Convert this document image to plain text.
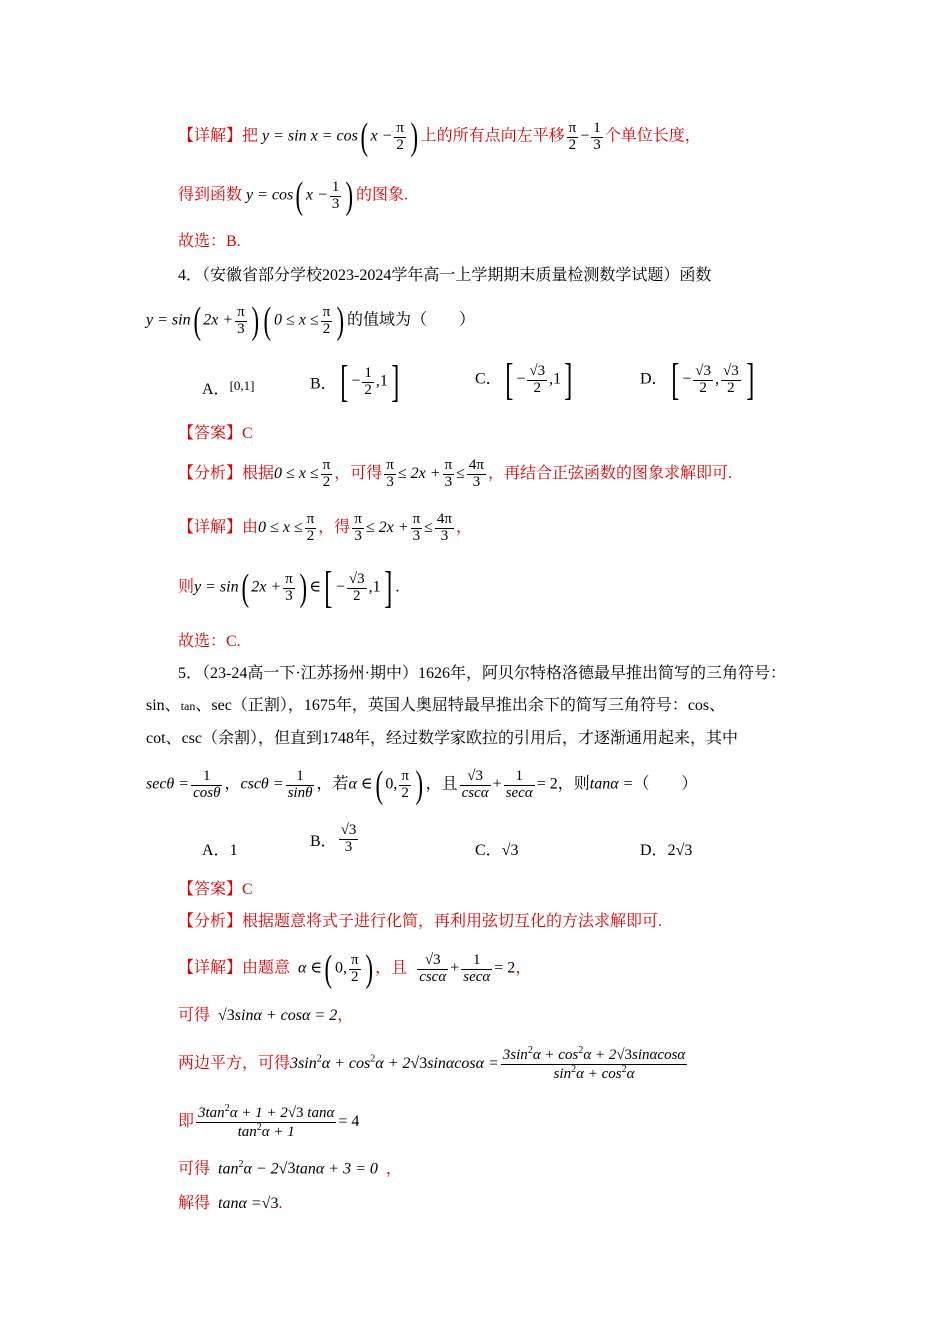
【详解】把 y = sin x = cos( $x - \frac{\pi}{2}$ ) 上的所有点向左平移 $\frac{\pi}{2} - \frac{1}{3}$ 个单位长度，
得到函数 y = cos( $x - \frac{1}{3}$ ) 的图象.
故选：B.
4．（安徽省部分学校2023-2024学年高一上学期期末质量检测数学试题）函数
y = sin( $2x + \frac{\pi}{3}$ ) ( $0 \le x \le \frac{\pi}{2}$ ) 的值域为（　　）
A．[0,1]	B．[ − $\frac{1}{2} ,1$]	C．[ − $\frac{√3}{2} ,1$]	D．[ − $\frac{√3}{2}$ , $\frac{√3}{2}$ ]
【答案】C
【分析】根据$0 \le x \le \frac{\pi}{2}$ ，可得 $\frac{\pi}{3} \le 2x + \frac{\pi}{3} \le \frac{4\pi}{3}$ ，再结合正弦函数的图象求解即可.
【详解】由$0 \le x \le \frac{\pi}{2}$ ，得 $\frac{\pi}{3} \le 2x + \frac{\pi}{3} \le \frac{4\pi}{3}$ ，
则y = sin( $2x + \frac{\pi}{3}$ ) ∈[ − $\frac{√3}{2} ,1$] .
故选：C.
5．（23-24高一下·江苏扬州·期中）1626年，阿贝尔特格洛德最早推出简写的三角符号：
sin、tan、sec（正割），1675年，英国人奥屈特最早推出余下的简写三角符号：cos、
cot、csc（余割），但直到1748年，经过数学家欧拉的引用后，才逐渐通用起来，其中
$\sec\theta = \frac{1}{\cos\theta}$ ，$\csc\theta = \frac{1}{\sin\theta}$ ，若α ∈( 0, $\frac{\pi}{2}$ ) ，且 $\frac{√3}{\csc\alpha} + \frac{1}{\sec\alpha} = 2$，则tanα =（　　）
A．1
B． $\frac{√3}{3}$	C．√3	D．2√3
【答案】C
【分析】根据题意将式子进行化简，再利用弦切互化的方法求解即可.
【详解】由题意 α ∈( 0, $\frac{\pi}{2}$ ) ，且 $\frac{√3}{\csc\alpha} + \frac{1}{\sec\alpha} = 2$，
可得 √3sinα + cosα = 2，
两边平方，可得$3\sin^2\alpha + \cos^2\alpha + 2√3\sin\alpha\cos\alpha = \frac{3\sin^2\alpha + \cos^2\alpha + 2√3\sin\alpha\cos\alpha}{\sin^2\alpha + \cos^2\alpha}$
即 $\frac{3\tan^2\alpha + 1 + 2√3 \tan\alpha}{\tan^2\alpha + 1} = 4$
可得 $\tan^2\alpha - 2√3\tan\alpha + 3 = 0$ ，
解得 tanα =√3.
